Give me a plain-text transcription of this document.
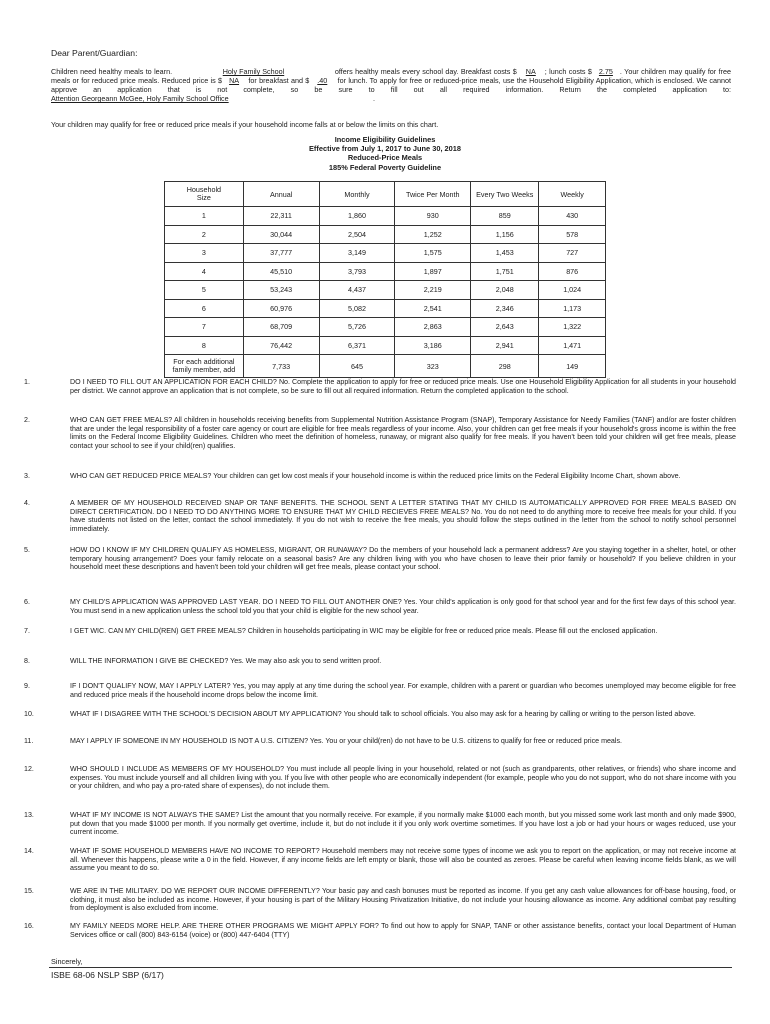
Dear Parent/Guardian:
Children need healthy meals to learn.	Holy Family School	offers healthy meals every school day. Breakfast costs $ NA ; lunch costs $ 2.75 . Your children may qualify for free meals or for reduced price meals. Reduced price is $ NA for breakfast and $ .40 for lunch. To apply for free or reduced-price meals, use the Household Eligibility Application, which is enclosed. We cannot approve an application that is not complete, so be sure to fill out all required information. Return the completed application to: Attention Georgeann McGee, Holy Family School Office	.
Your children may qualify for free or reduced price meals if your household income falls at or below the limits on this chart.
Income Eligibility Guidelines
Effective from July 1, 2017 to June 30, 2018
Reduced-Price Meals
185% Federal Poverty Guideline
Household Size	Annual	Monthly	Twice Per Month	Every Two Weeks	Weekly
1	22,311	1,860	930	859	430
2	30,044	2,504	1,252	1,156	578
3	37,777	3,149	1,575	1,453	727
4	45,510	3,793	1,897	1,751	876
5	53,243	4,437	2,219	2,048	1,024
6	60,976	5,082	2,541	2,346	1,173
7	68,709	5,726	2,863	2,643	1,322
8	76,442	6,371	3,186	2,941	1,471
For each additional family member, add	7,733	645	323	298	149
1.	DO I NEED TO FILL OUT AN APPLICATION FOR EACH CHILD? No. Complete the application to apply for free or reduced price meals. Use one Household Eligibility Application for all students in your household per district. We cannot approve an application that is not complete, so be sure to fill out all required information. Return the completed application to the school.
2.	WHO CAN GET FREE MEALS? All children in households receiving benefits from Supplemental Nutrition Assistance Program (SNAP), Temporary Assistance for Needy Families (TANF) and/or are foster children that are under the legal responsibility of a foster care agency or court are eligible for free meals regardless of your income. Also, your children can get free meals if your household's gross income is within the free limits on the Federal Income Eligibility Guidelines. Children who meet the definition of homeless, runaway, or migrant also qualify for free meals. If you haven't been told your children will get free meals, please contact your school to see if your child(ren) qualifies.
3.	WHO CAN GET REDUCED PRICE MEALS? Your children can get low cost meals if your household income is within the reduced price limits on the Federal Eligibility Income Chart, shown above.
4.	A MEMBER OF MY HOUSEHOLD RECEIVED SNAP OR TANF BENEFITS. THE SCHOOL SENT A LETTER STATING THAT MY CHILD IS AUTOMATICALLY APPROVED FOR FREE MEALS BASED ON DIRECT CERTIFICATION. DO I NEED TO DO ANYTHING MORE TO ENSURE THAT MY CHILD RECIEVES FREE MEALS? No. You do not need to do anything more to receive free meals for your child. If you have students not listed on the letter, contact the school immediately. If you do not wish to receive the free meals, you should follow the steps outlined in the letter from the school to notify school personnel immediately.
5.	HOW DO I KNOW IF MY CHILDREN QUALIFY AS HOMELESS, MIGRANT, OR RUNAWAY? Do the members of your household lack a permanent address? Are you staying together in a shelter, hotel, or other temporary housing arrangement? Does your family relocate on a seasonal basis? Are any children living with you who have chosen to leave their prior family or household? If you believe children in your household meet these descriptions and haven't been told your children will get free meals, please contact your school.
6.	MY CHILD'S APPLICATION WAS APPROVED LAST YEAR. DO I NEED TO FILL OUT ANOTHER ONE? Yes. Your child's application is only good for that school year and for the first few days of this school year. You must send in a new application unless the school told you that your child is eligible for the new school year.
7.	I GET WIC. CAN MY CHILD(REN) GET FREE MEALS? Children in households participating in WIC may be eligible for free or reduced price meals. Please fill out the enclosed application.
8.	WILL THE INFORMATION I GIVE BE CHECKED? Yes. We may also ask you to send written proof.
9.	IF I DON'T QUALIFY NOW, MAY I APPLY LATER? Yes, you may apply at any time during the school year. For example, children with a parent or guardian who becomes unemployed may become eligible for free and reduced price meals if the household income drops below the income limit.
10.	WHAT IF I DISAGREE WITH THE SCHOOL'S DECISION ABOUT MY APPLICATION? You should talk to school officials. You also may ask for a hearing by calling or writing to the person listed above.
11.	MAY I APPLY IF SOMEONE IN MY HOUSEHOLD IS NOT A U.S. CITIZEN? Yes. You or your child(ren) do not have to be U.S. citizens to qualify for free or reduced price meals.
12.	WHO SHOULD I INCLUDE AS MEMBERS OF MY HOUSEHOLD? You must include all people living in your household, related or not (such as grandparents, other relatives, or friends) who share income and expenses. You must include yourself and all children living with you. If you live with other people who are economically independent (for example, people who you do not support, who do not share income with you or your children, and who pay a pro-rated share of expenses), do not include them.
13.	WHAT IF MY INCOME IS NOT ALWAYS THE SAME? List the amount that you normally receive. For example, if you normally make $1000 each month, but you missed some work last month and only made $900, put down that you made $1000 per month. If you normally get overtime, include it, but do not include it if you only work overtime sometimes. If you have lost a job or had your hours or wages reduced, use your current income.
14.	WHAT IF SOME HOUSEHOLD MEMBERS HAVE NO INCOME TO REPORT? Household members may not receive some types of income we ask you to report on the application, or may not receive income at all. Whenever this happens, please write a 0 in the field. However, if any income fields are left empty or blank, those will also be counted as zeroes. Please be careful when leaving income fields blank, as we will assume you meant to do so.
15.	WE ARE IN THE MILITARY. DO WE REPORT OUR INCOME DIFFERENTLY? Your basic pay and cash bonuses must be reported as income. If you get any cash value allowances for off-base housing, food, or clothing, it must also be included as income. However, if your housing is part of the Military Housing Privatization Initiative, do not include your housing allowance as income. Any additional combat pay resulting from deployment is also excluded from income.
16.	MY FAMILY NEEDS MORE HELP. ARE THERE OTHER PROGRAMS WE MIGHT APPLY FOR? To find out how to apply for SNAP, TANF or other assistance benefits, contact your local Department of Human Services office or call (800) 843-6154 (voice) or (800) 447-6404 (TTY)
Sincerely,
ISBE 68-06 NSLP SBP (6/17)
